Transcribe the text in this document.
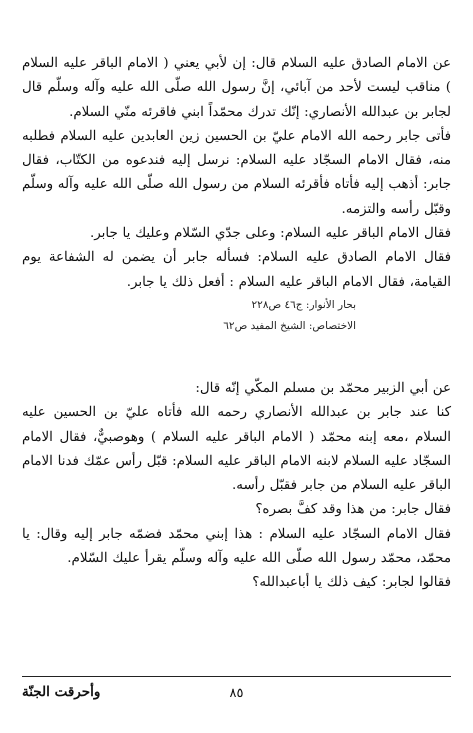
عن الامام الصادق عليه السلام قال: إن لأبي يعني ( الامام الباقر عليه السلام ) مناقب ليست لأحد من آبائي، إنَّ رسول الله صلّى الله عليه وآله وسلّم قال لجابر بن عبدالله الأنصاري: إنّك تدرك محمّداً ابني فاقرئه منّي السلام.

فأتى جابر رحمه الله الامام عليّ بن الحسين زين العابدين عليه السلام فطلبه منه، فقال الامام السجّاد عليه السلام: نرسل إليه فندعوه من الكتّاب، فقال جابر: أذهب إليه فأتاه فأقرئه السلام من رسول الله صلّى الله عليه وآله وسلّم وقبّل رأسه والتزمه.

فقال الامام الباقر عليه السلام: وعلى جدّي السّلام وعليك يا جابر.

فقال الامام الصادق عليه السلام: فسأله جابر أن يضمن له الشفاعة يوم القيامة، فقال الامام الباقر عليه السلام : أفعل ذلك يا جابر.

بحار الأنوار: ج٤٦ ص٢٢٨

الاختصاص: الشيخ المفيد ص٦٢

عن أبي الزبير محمّد بن مسلم المكّي إنّه قال:

كنا عند جابر بن عبدالله الأنصاري رحمه الله فأتاه عليّ بن الحسين عليه السلام ،معه إبنه محمّد ( الامام الباقر عليه السلام ) وهوصبيٌّ، فقال الامام السجّاد عليه السلام لابنه الامام الباقر عليه السلام: قبّل رأس عمّك فدنا الامام الباقر عليه السلام من جابر فقبّل رأسه.

فقال جابر: من هذا وقد كفَّ بصره؟

فقال الامام السجّاد عليه السلام : هذا إبني محمّد فضمّه جابر إليه وقال: يا محمّد، محمّد رسول الله صلّى الله عليه وآله وسلّم يقرأ عليك السّلام.

فقالوا لجابر: كيف ذلك يا أباعبدالله؟

٨٥
وأحرقت الجنّة
